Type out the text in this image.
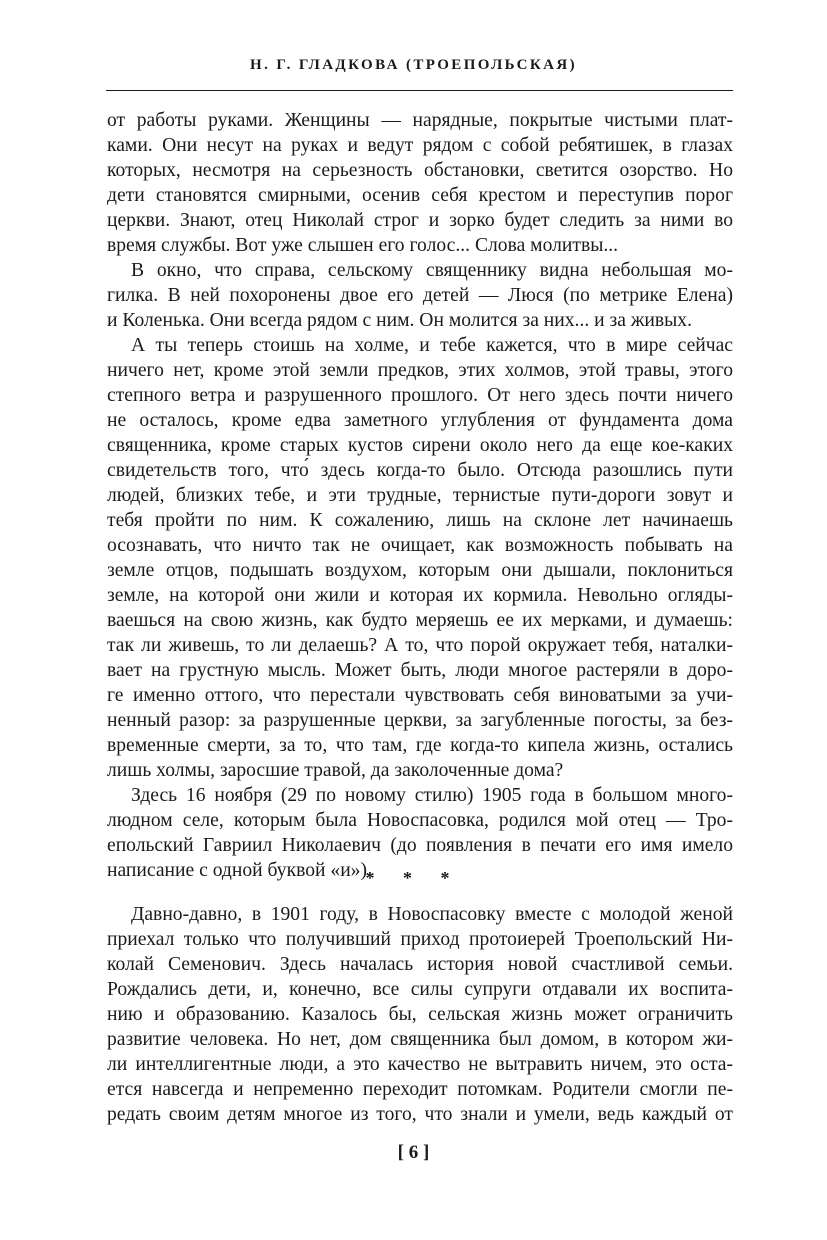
Н. Г. ГЛАДКОВА (ТРОЕПОЛЬСКАЯ)
от работы руками. Женщины — нарядные, покрытые чистыми плат-
ками. Они несут на руках и ведут рядом с собой ребятишек, в глазах
которых, несмотря на серьезность обстановки, светится озорство. Но
дети становятся смирными, осенив себя крестом и переступив порог
церкви. Знают, отец Николай строг и зорко будет следить за ними во
время службы. Вот уже слышен его голос... Слова молитвы...
В окно, что справа, сельскому священнику видна небольшая мо-
гилка. В ней похоронены двое его детей — Люся (по метрике Елена)
и Коленька. Они всегда рядом с ним. Он молится за них... и за живых.
А ты теперь стоишь на холме, и тебе кажется, что в мире сейчас
ничего нет, кроме этой земли предков, этих холмов, этой травы, этого
степного ветра и разрушенного прошлого. От него здесь почти ничего
не осталось, кроме едва заметного углубления от фундамента дома
священника, кроме старых кустов сирени около него да еще кое-каких
свидетельств того, что́ здесь когда-то было. Отсюда разошлись пути
людей, близких тебе, и эти трудные, тернистые пути-дороги зовут и
тебя пройти по ним. К сожалению, лишь на склоне лет начинаешь
осознавать, что ничто так не очищает, как возможность побывать на
земле отцов, подышать воздухом, которым они дышали, поклониться
земле, на которой они жили и которая их кормила. Невольно огляды-
ваешься на свою жизнь, как будто меряешь ее их мерками, и думаешь:
так ли живешь, то ли делаешь? А то, что порой окружает тебя, наталки-
вает на грустную мысль. Может быть, люди многое растеряли в доро-
ге именно оттого, что перестали чувствовать себя виноватыми за учи-
ненный разор: за разрушенные церкви, за загубленные погосты, за без-
временные смерти, за то, что там, где когда-то кипела жизнь, остались
лишь холмы, заросшие травой, да заколоченные дома?
Здесь 16 ноября (29 по новому стилю) 1905 года в большом много-
людном селе, которым была Новоспасовка, родился мой отец — Тро-
епольский Гавриил Николаевич (до появления в печати его имя имело
написание с одной буквой «и»).
* * *
Давно-давно, в 1901 году, в Новоспасовку вместе с молодой женой
приехал только что получивший приход протоиерей Троепольский Ни-
колай Семенович. Здесь началась история новой счастливой семьи.
Рождались дети, и, конечно, все силы супруги отдавали их воспита-
нию и образованию. Казалось бы, сельская жизнь может ограничить
развитие человека. Но нет, дом священника был домом, в котором жи-
ли интеллигентные люди, а это качество не вытравить ничем, это оста-
ется навсегда и непременно переходит потомкам. Родители смогли пе-
редать своим детям многое из того, что знали и умели, ведь каждый от
[ 6 ]
